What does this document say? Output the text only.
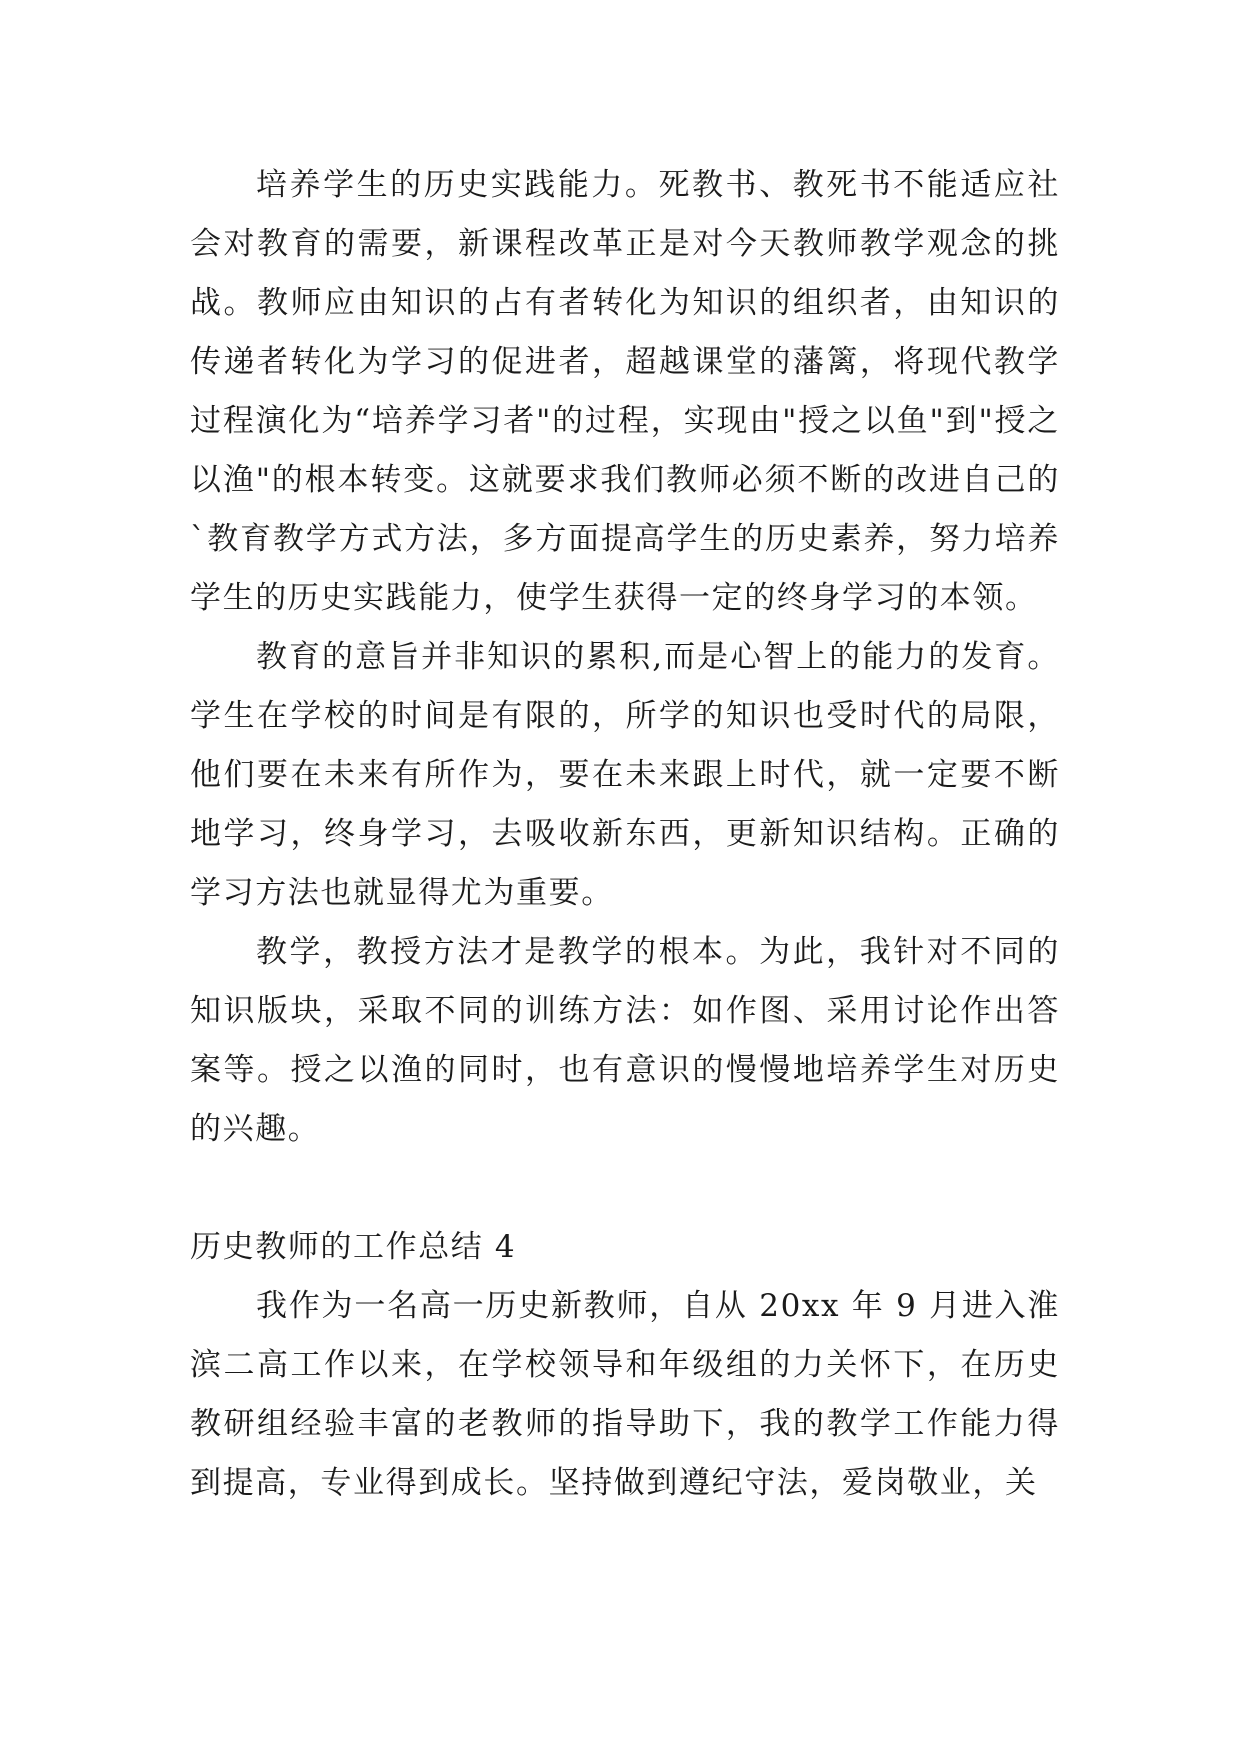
培养学生的历史实践能力。死教书、教死书不能适应社会对教育的需要，新课程改革正是对今天教师教学观念的挑战。教师应由知识的占有者转化为知识的组织者，由知识的传递者转化为学习的促进者，超越课堂的藩篱，将现代教学过程演化为“培养学习者"的过程，实现由"授之以鱼"到"授之以渔"的根本转变。这就要求我们教师必须不断的改进自己的`教育教学方式方法，多方面提高学生的历史素养，努力培养学生的历史实践能力，使学生获得一定的终身学习的本领。

教育的意旨并非知识的累积,而是心智上的能力的发育。学生在学校的时间是有限的，所学的知识也受时代的局限，他们要在未来有所作为，要在未来跟上时代，就一定要不断地学习，终身学习，去吸收新东西，更新知识结构。正确的学习方法也就显得尤为重要。

教学，教授方法才是教学的根本。为此，我针对不同的知识版块，采取不同的训练方法：如作图、采用讨论作出答案等。授之以渔的同时，也有意识的慢慢地培养学生对历史的兴趣。

历史教师的工作总结 4

我作为一名高一历史新教师，自从 20xx 年 9 月进入淮滨二高工作以来，在学校领导和年级组的力关怀下，在历史教研组经验丰富的老教师的指导助下，我的教学工作能力得到提高，专业得到成长。坚持做到遵纪守法，爱岗敬业，关
